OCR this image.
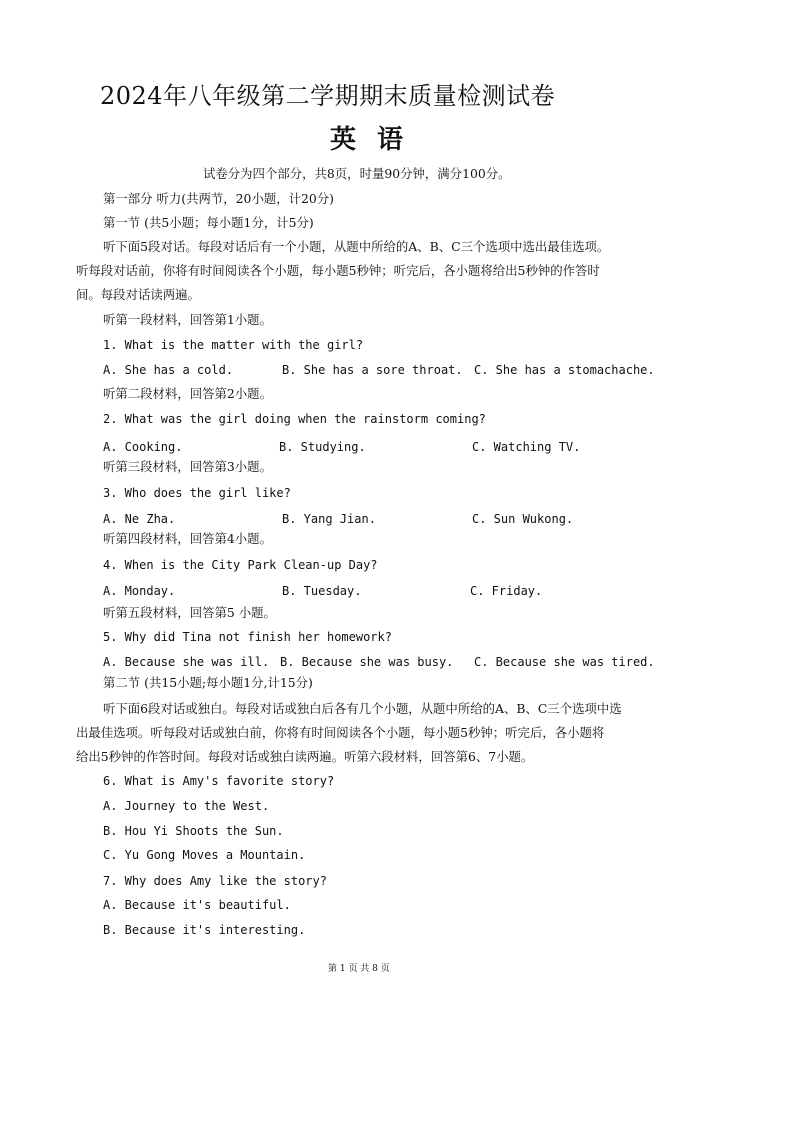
2024年八年级第二学期期末质量检测试卷
英 语
试卷分为四个部分，共8页，时量90分钟，满分100分。
第一部分 听力(共两节，20小题，计20分)
第一节 (共5小题；每小题1分，计5分)
听下面5段对话。每段对话后有一个小题，从题中所给的A、B、C三个选项中选出最佳选项。
听每段对话前，你将有时间阅读各个小题，每小题5秒钟；听完后，各小题将给出5秒钟的作答时
间。每段对话读两遍。
听第一段材料，回答第1小题。
1. What is the matter with the girl?
A. She has a cold.	B. She has a sore throat. C. She has a stomachache.
听第二段材料，回答第2小题。
2. What was the girl doing when the rainstorm coming?
A. Cooking.	B. Studying.	C. Watching TV.
听第三段材料，回答第3小题。
3. Who does the girl like?
A. Ne Zha.	B. Yang Jian.	C. Sun Wukong.
听第四段材料，回答第4小题。
4. When is the City Park Clean-up Day?
A. Monday.	B. Tuesday.	C. Friday.
听第五段材料，回答第5 小题。
5. Why did Tina not finish her homework?
A. Because she was ill. B. Because she was busy. C. Because she was tired.
第二节 (共15小题;每小题1分,计15分)
听下面6段对话或独白。每段对话或独白后各有几个小题，从题中所给的A、B、C三个选项中选
出最佳选项。听每段对话或独白前，你将有时间阅读各个小题，每小题5秒钟；听完后，各小题将
给出5秒钟的作答时间。每段对话或独白读两遍。听第六段材料，回答第6、7小题。
6. What is Amy's favorite story?
A. Journey to the West.
B. Hou Yi Shoots the Sun.
C. Yu Gong Moves a Mountain.
7. Why does Amy like the story?
A. Because it's beautiful.
B. Because it's interesting.
第 1 页 共 8 页
